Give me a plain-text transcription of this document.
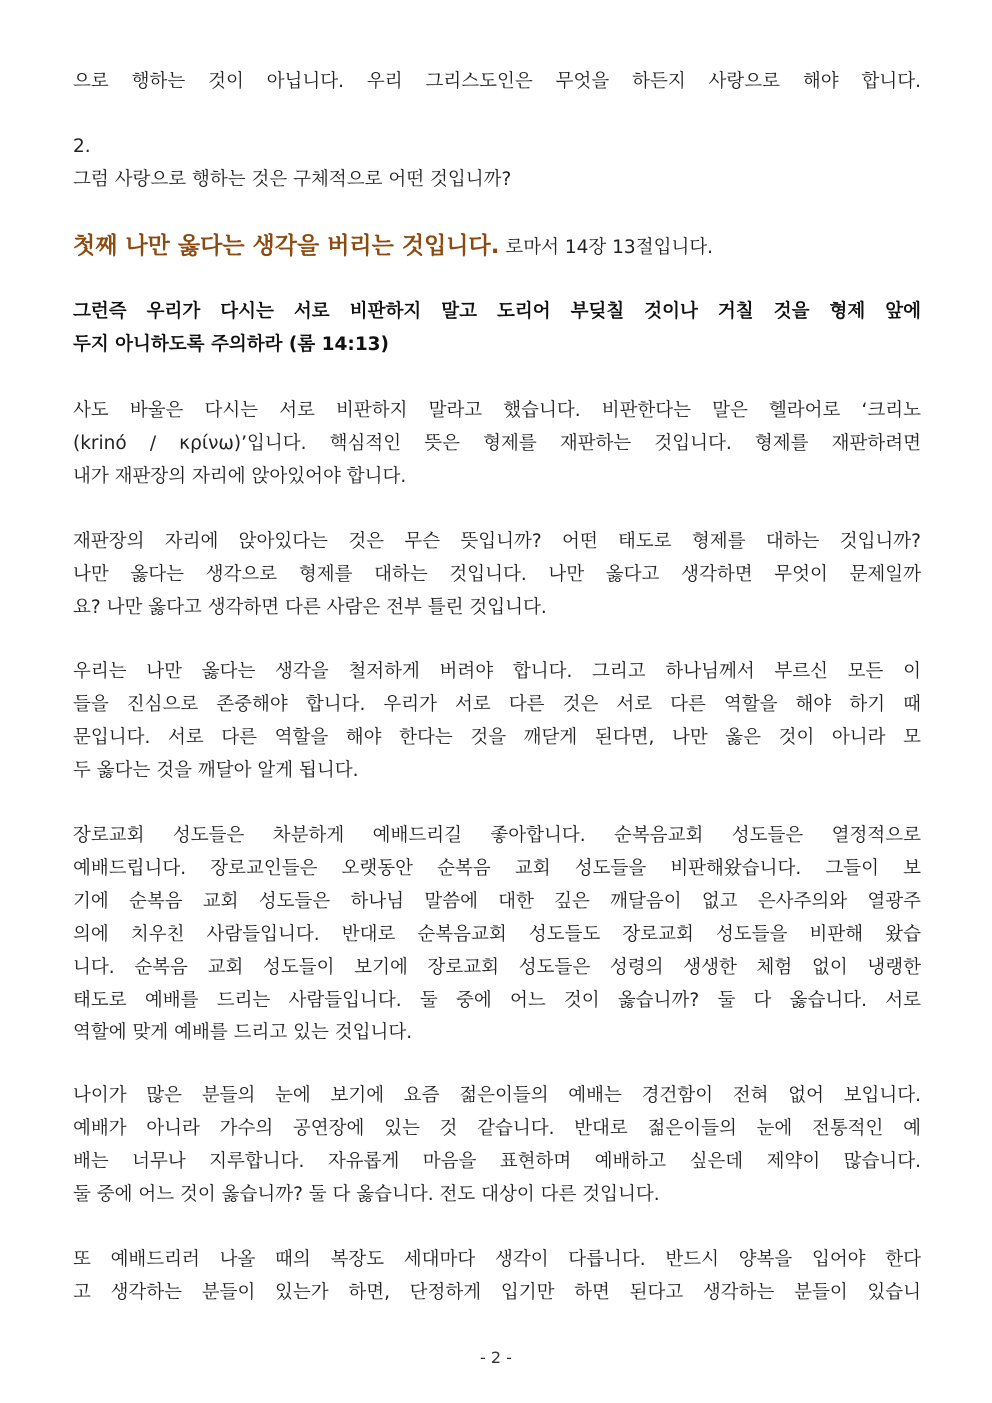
으로 행하는 것이 아닙니다. 우리 그리스도인은 무엇을 하든지 사랑으로 해야 합니다.
2.
그럼 사랑으로 행하는 것은 구체적으로 어떤 것입니까?
첫째 나만 옳다는 생각을 버리는 것입니다. 로마서 14장 13절입니다.
그런즉 우리가 다시는 서로 비판하지 말고 도리어 부딪칠 것이나 거칠 것을 형제 앞에
두지 아니하도록 주의하라 (롬 14:13)
사도 바울은 다시는 서로 비판하지 말라고 했습니다. 비판한다는 말은 헬라어로 ‘크리노
(krinó / κρίνω)’입니다. 핵심적인 뜻은 형제를 재판하는 것입니다. 형제를 재판하려면
내가 재판장의 자리에 앉아있어야 합니다.
재판장의 자리에 앉아있다는 것은 무슨 뜻입니까? 어떤 태도로 형제를 대하는 것입니까?
나만 옳다는 생각으로 형제를 대하는 것입니다. 나만 옳다고 생각하면 무엇이 문제일까
요? 나만 옳다고 생각하면 다른 사람은 전부 틀린 것입니다.
우리는 나만 옳다는 생각을 철저하게 버려야 합니다. 그리고 하나님께서 부르신 모든 이
들을 진심으로 존중해야 합니다. 우리가 서로 다른 것은 서로 다른 역할을 해야 하기 때
문입니다. 서로 다른 역할을 해야 한다는 것을 깨닫게 된다면, 나만 옳은 것이 아니라 모
두 옳다는 것을 깨달아 알게 됩니다.
장로교회 성도들은 차분하게 예배드리길 좋아합니다. 순복음교회 성도들은 열정적으로
예배드립니다. 장로교인들은 오랫동안 순복음 교회 성도들을 비판해왔습니다. 그들이 보
기에 순복음 교회 성도들은 하나님 말씀에 대한 깊은 깨달음이 없고 은사주의와 열광주
의에 치우친 사람들입니다. 반대로 순복음교회 성도들도 장로교회 성도들을 비판해 왔습
니다. 순복음 교회 성도들이 보기에 장로교회 성도들은 성령의 생생한 체험 없이 냉랭한
태도로 예배를 드리는 사람들입니다. 둘 중에 어느 것이 옳습니까? 둘 다 옳습니다. 서로
역할에 맞게 예배를 드리고 있는 것입니다.
나이가 많은 분들의 눈에 보기에 요즘 젊은이들의 예배는 경건함이 전혀 없어 보입니다.
예배가 아니라 가수의 공연장에 있는 것 같습니다. 반대로 젊은이들의 눈에 전통적인 예
배는 너무나 지루합니다. 자유롭게 마음을 표현하며 예배하고 싶은데 제약이 많습니다.
둘 중에 어느 것이 옳습니까? 둘 다 옳습니다. 전도 대상이 다른 것입니다.
또 예배드리러 나올 때의 복장도 세대마다 생각이 다릅니다. 반드시 양복을 입어야 한다
고 생각하는 분들이 있는가 하면, 단정하게 입기만 하면 된다고 생각하는 분들이 있습니
- 2 -
